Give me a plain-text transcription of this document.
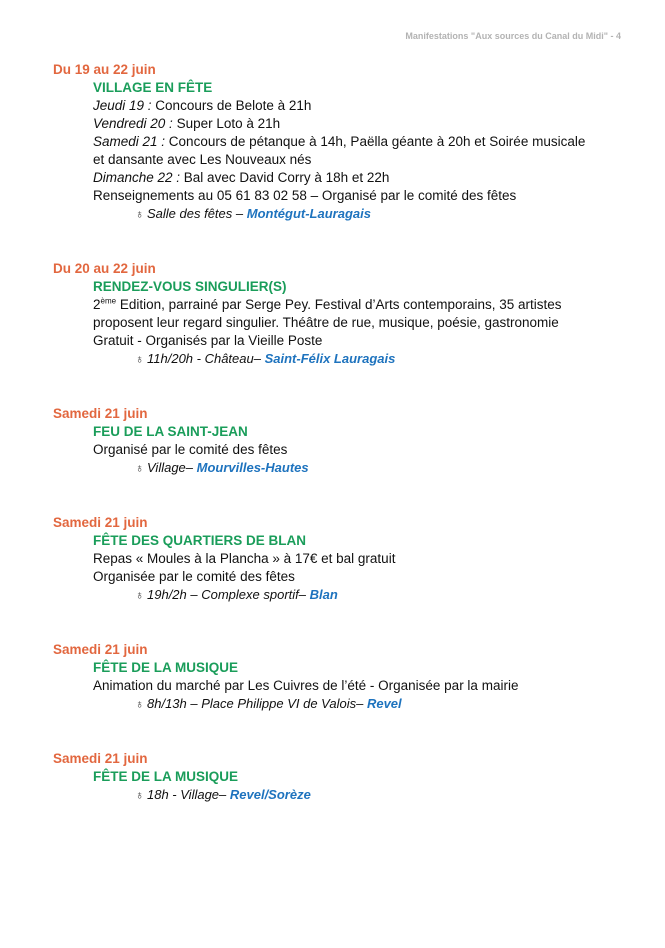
Manifestations "Aux sources du Canal du Midi" - 4
Du 19 au 22 juin
VILLAGE EN FÊTE
Jeudi 19 : Concours de Belote à 21h
Vendredi 20 : Super Loto à 21h
Samedi 21 : Concours de pétanque à 14h, Paëlla géante à 20h et Soirée musicale
et dansante avec Les Nouveaux nés
Dimanche 22 : Bal avec David Corry à 18h et 22h
Renseignements au 05 61 83 02 58 – Organisé par le comité des fêtes
♁ Salle des fêtes – Montégut-Lauragais
Du 20 au 22 juin
RENDEZ-VOUS SINGULIER(S)
2ème Edition, parrainé par Serge Pey. Festival d’Arts contemporains, 35 artistes
proposent leur regard singulier. Théâtre de rue, musique, poésie, gastronomie
Gratuit - Organisés par la Vieille Poste
♁ 11h/20h - Château– Saint-Félix Lauragais
Samedi 21 juin
FEU DE LA SAINT-JEAN
Organisé par le comité des fêtes
♁ Village– Mourvilles-Hautes
Samedi 21 juin
FÊTE DES QUARTIERS DE BLAN
Repas « Moules à la Plancha » à 17€ et bal gratuit
Organisée par le comité des fêtes
♁ 19h/2h – Complexe sportif– Blan
Samedi 21 juin
FÊTE DE LA MUSIQUE
Animation du marché par Les Cuivres de l’été - Organisée par la mairie
♁ 8h/13h – Place Philippe VI de Valois– Revel
Samedi 21 juin
FÊTE DE LA MUSIQUE
♁ 18h - Village– Revel/Sorèze
